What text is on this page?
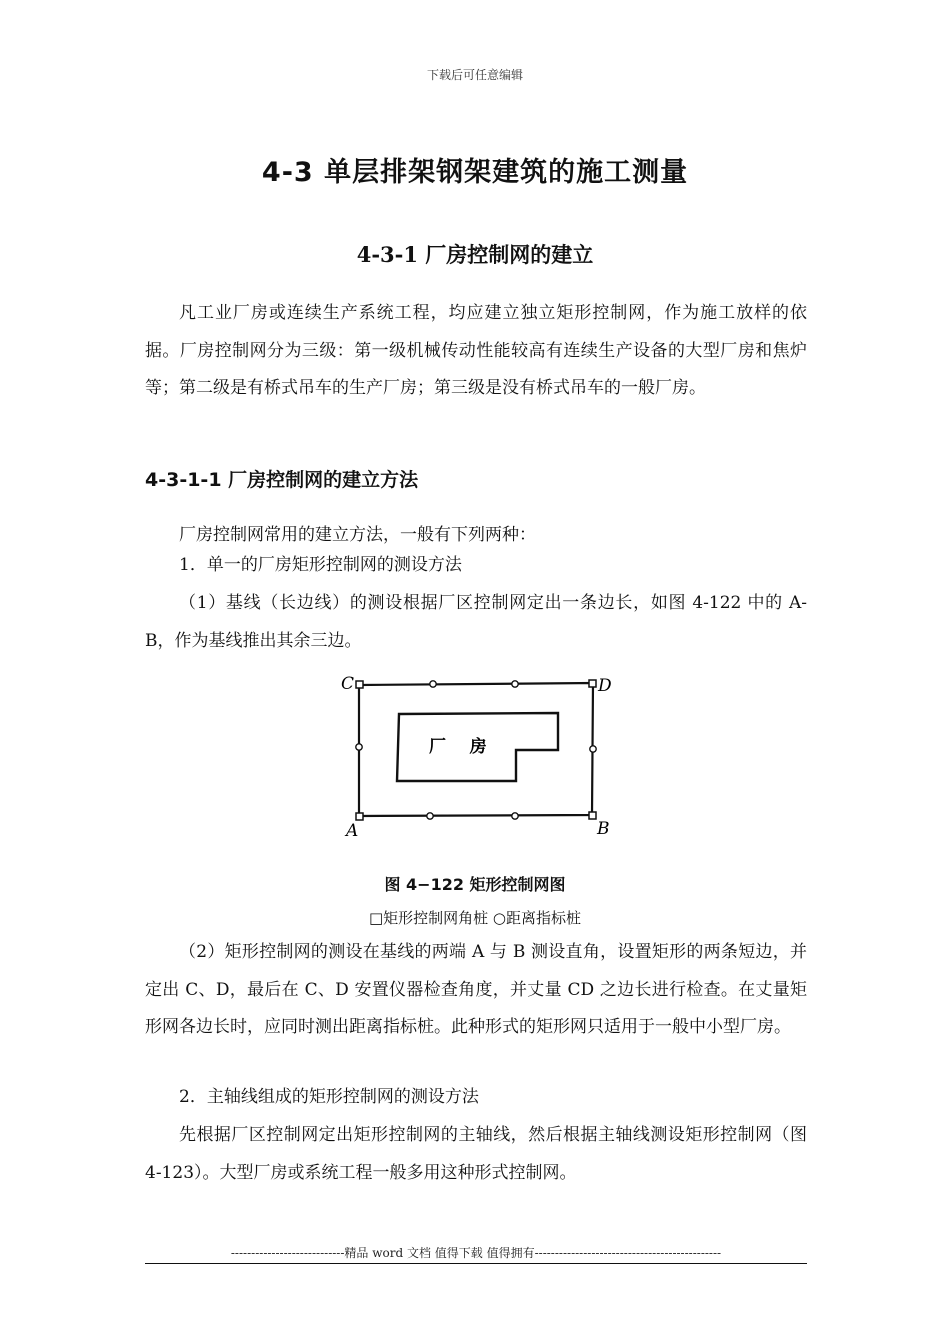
下载后可任意编辑
4-3 单层排架钢架建筑的施工测量
4-3-1 厂房控制网的建立
凡工业厂房或连续生产系统工程，均应建立独立矩形控制网，作为施工放样的依据。厂房控制网分为三级：第一级机械传动性能较高有连续生产设备的大型厂房和焦炉等；第二级是有桥式吊车的生产厂房；第三级是没有桥式吊车的一般厂房。
4-3-1-1 厂房控制网的建立方法
厂房控制网常用的建立方法，一般有下列两种：
1．单一的厂房矩形控制网的测设方法
（1）基线（长边线）的测设根据厂区控制网定出一条边长，如图 4-122 中的 A-B，作为基线推出其余三边。
C	D
A	B
厂    房
图 4−122 矩形控制网图
□矩形控制网角桩 ○距离指标桩
（2）矩形控制网的测设在基线的两端 A 与 B 测设直角，设置矩形的两条短边，并定出 C、D，最后在 C、D 安置仪器检查角度，并丈量 CD 之边长进行检查。在丈量矩形网各边长时，应同时测出距离指标桩。此种形式的矩形网只适用于一般中小型厂房。
2．主轴线组成的矩形控制网的测设方法
先根据厂区控制网定出矩形控制网的主轴线，然后根据主轴线测设矩形控制网（图 4-123）。大型厂房或系统工程一般多用这种形式控制网。
----------------------------精品 word 文档 值得下载 值得拥有----------------------------------------------
